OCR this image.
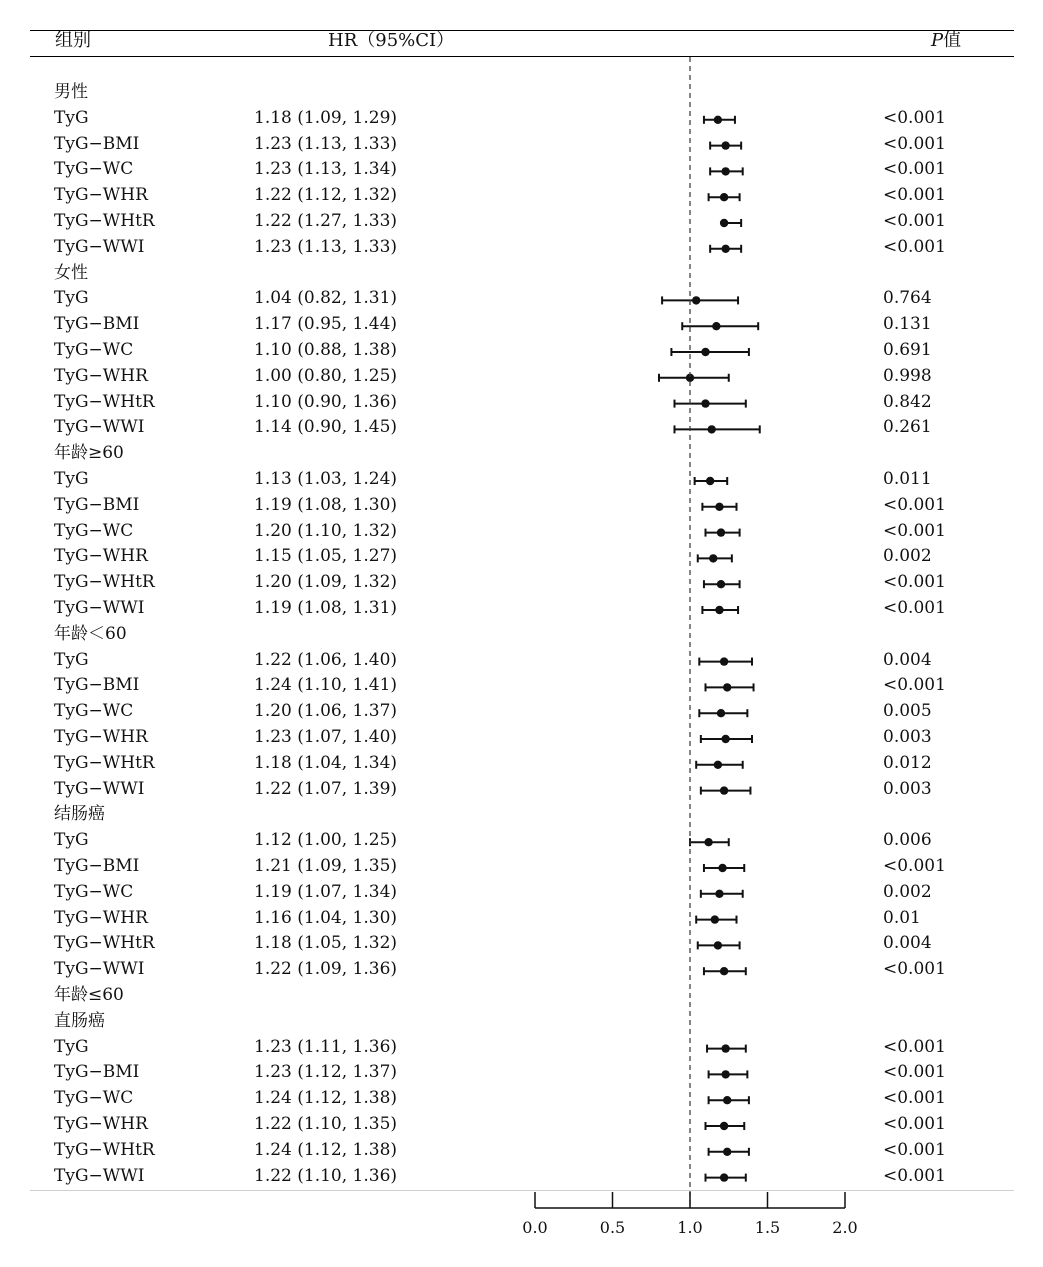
组别	HR（95%CI）	P值
男性
TyG	1.18 (1.09, 1.29)	<0.001
TyG−BMI	1.23 (1.13, 1.33)	<0.001
TyG−WC	1.23 (1.13, 1.34)	<0.001
TyG−WHR	1.22 (1.12, 1.32)	<0.001
TyG−WHtR	1.22 (1.27, 1.33)	<0.001
TyG−WWI	1.23 (1.13, 1.33)	<0.001
女性
TyG	1.04 (0.82, 1.31)	0.764
TyG−BMI	1.17 (0.95, 1.44)	0.131
TyG−WC	1.10 (0.88, 1.38)	0.691
TyG−WHR	1.00 (0.80, 1.25)	0.998
TyG−WHtR	1.10 (0.90, 1.36)	0.842
TyG−WWI	1.14 (0.90, 1.45)	0.261
年龄≥60
TyG	1.13 (1.03, 1.24)	0.011
TyG−BMI	1.19 (1.08, 1.30)	<0.001
TyG−WC	1.20 (1.10, 1.32)	<0.001
TyG−WHR	1.15 (1.05, 1.27)	0.002
TyG−WHtR	1.20 (1.09, 1.32)	<0.001
TyG−WWI	1.19 (1.08, 1.31)	<0.001
年龄＜60
TyG	1.22 (1.06, 1.40)	0.004
TyG−BMI	1.24 (1.10, 1.41)	<0.001
TyG−WC	1.20 (1.06, 1.37)	0.005
TyG−WHR	1.23 (1.07, 1.40)	0.003
TyG−WHtR	1.18 (1.04, 1.34)	0.012
TyG−WWI	1.22 (1.07, 1.39)	0.003
结肠癌
TyG	1.12 (1.00, 1.25)	0.006
TyG−BMI	1.21 (1.09, 1.35)	<0.001
TyG−WC	1.19 (1.07, 1.34)	0.002
TyG−WHR	1.16 (1.04, 1.30)	0.01
TyG−WHtR	1.18 (1.05, 1.32)	0.004
TyG−WWI	1.22 (1.09, 1.36)	<0.001
年龄≤60
直肠癌
TyG	1.23 (1.11, 1.36)	<0.001
TyG−BMI	1.23 (1.12, 1.37)	<0.001
TyG−WC	1.24 (1.12, 1.38)	<0.001
TyG−WHR	1.22 (1.10, 1.35)	<0.001
TyG−WHtR	1.24 (1.12, 1.38)	<0.001
TyG−WWI	1.22 (1.10, 1.36)	<0.001
0.0	0.5	1.0	1.5	2.0
